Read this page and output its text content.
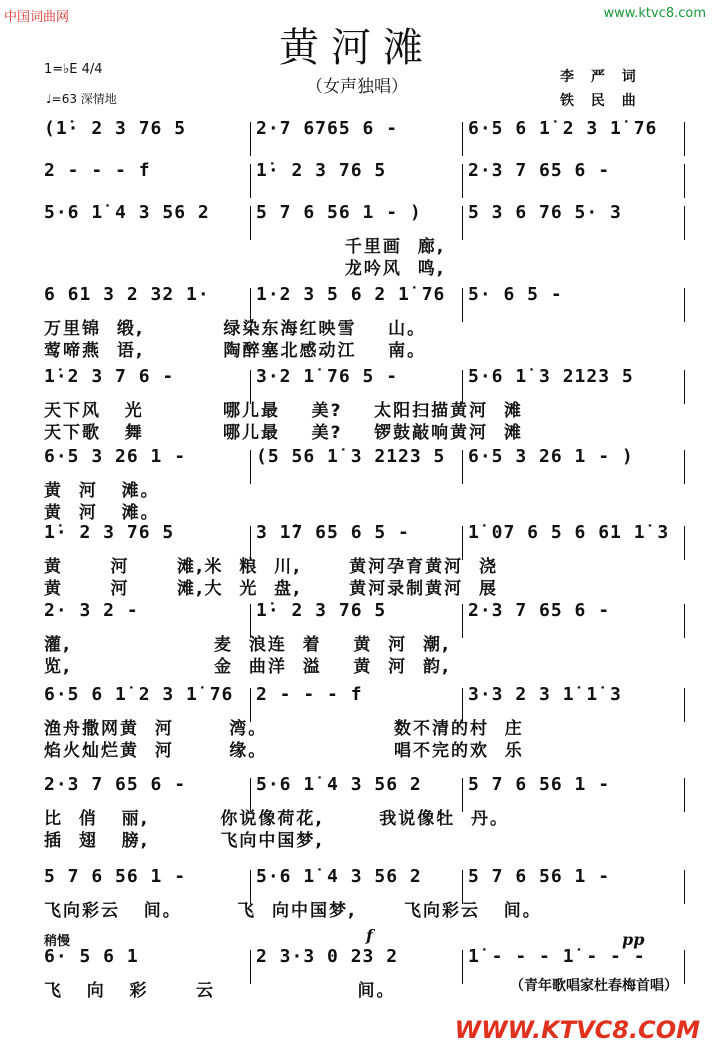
中国词曲网	www.ktvc8.com
黄河滩
（女声独唱）
1=♭E 4/4
♩=63 深情地
李 严 词
铁 民 曲
(1̇· 2 3 76 5	2·7 6765 6 -	6·5 6 1̇ 2 3 1̇ 76
2 - - - f	1̇· 2 3 76 5	2·3 7 65 6 -
5·6 1̇ 4 3 56 2	5 7 6 56 1 - )	5 3 6 76 5· 3
千里画  廊,
龙吟风  鸣,
6 61 3 2 32 1·	1·2 3 5 6 2 1̇ 76 5· 6 5 -
万里锦  缎,          绿染东海红映雪    山。
莺啼燕  语,          陶醉塞北感动江    南。
1̇·2 3 7 6 -	3·2 1̇ 76 5 -	5·6 1̇ 3 2123 5
天下风   光          哪儿最    美?    太阳扫描黄河  滩
天下歌   舞          哪儿最    美?    锣鼓敲响黄河  滩
6·5 3 26 1 -	(5 56 1̇ 3 2123 5 6·5 3 26 1 - )
黄  河   滩。
黄  河   滩。
1̇· 2 3 76 5	3 1̇7 65 6 5 -	1̇ 07 6 5 6 61 1̇ 3
黄      河      滩,米  粮  川,      黄河孕育黄河  浇
黄      河      滩,大  光  盘,      黄河录制黄河  展
2· 3 2 -	1̇· 2 3 76 5	2·3 7 65 6 -
灌,                  麦  浪连  着    黄  河  潮,
览,                  金  曲洋  溢    黄  河  韵,
6·5 6 1̇ 2 3 1̇ 76 2 - - - f	3·3 2 3 1̇ 1̇ 3
渔舟撒网黄  河       湾。                数不清的村  庄
焰火灿烂黄  河       缘。                唱不完的欢  乐
2·3 7 65 6 -	5·6 1̇ 4 3 56 2	5 7 6 56 1 -
比  俏   丽,         你说像荷花,       我说像牡  丹。
插  翅   膀,         飞向中国梦,
5 7 6 56 1 -	5·6 1̇ 4 3 56 2	5 7 6 56 1 -
飞向彩云   间。       飞  向中国梦,      飞向彩云   间。
6· 5 6 1	2 3·3 0 23 2	1̇ - - - 1̇ - - -
飞   向   彩      云                  间。
稍慢	f	pp
（青年歌唱家杜春梅首唱）
WWW.KTVC8.COM
